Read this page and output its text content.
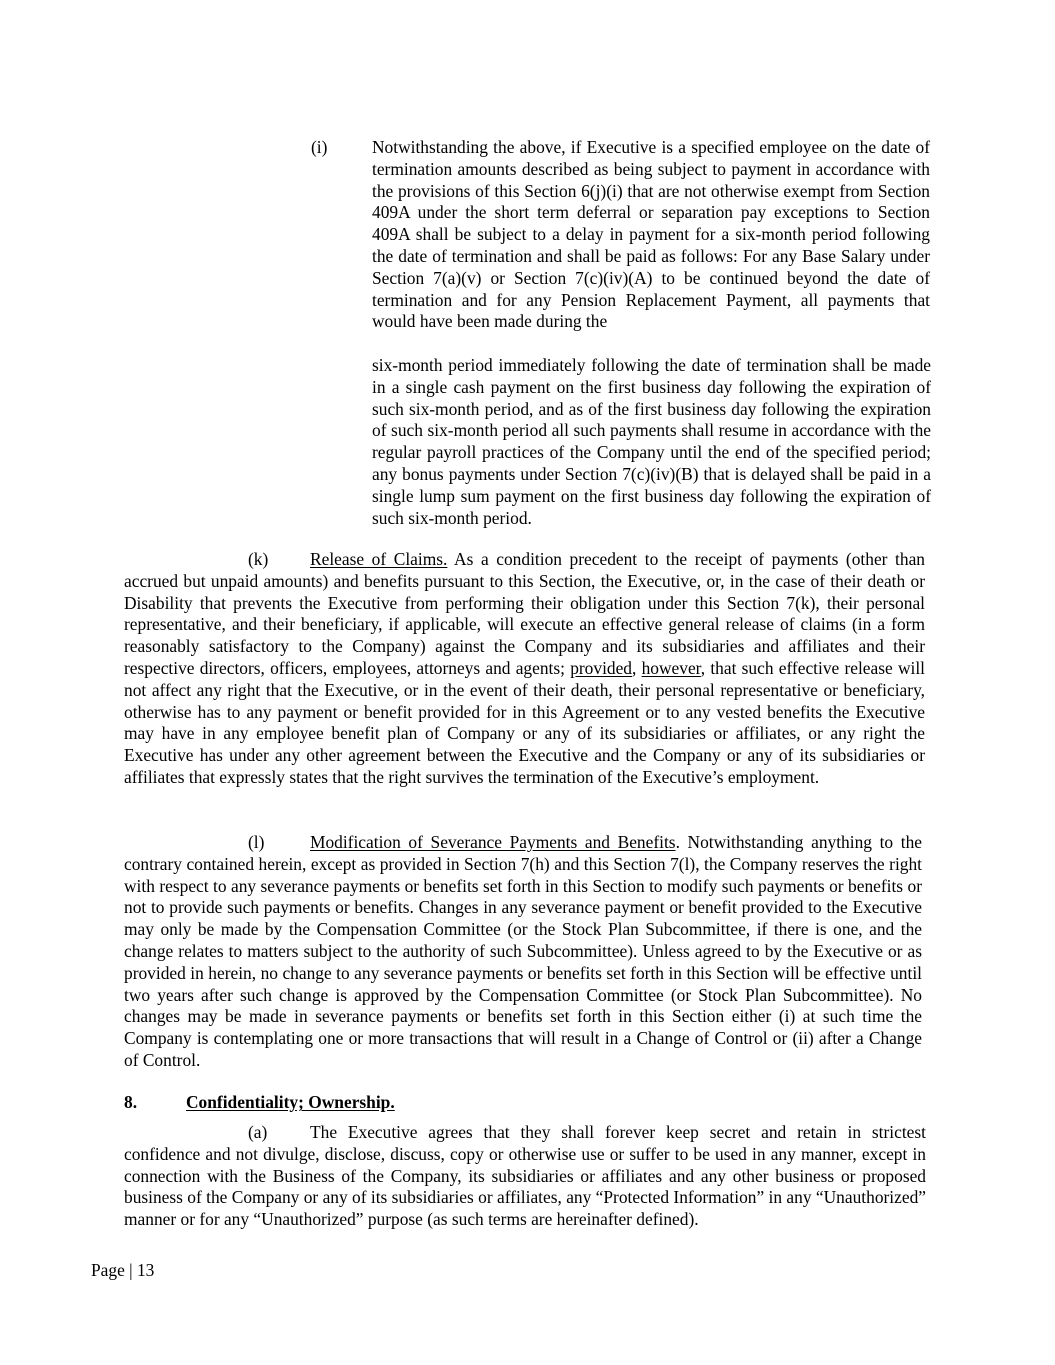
(i)	Notwithstanding the above, if Executive is a specified employee on the date of termination amounts described as being subject to payment in accordance with the provisions of this Section 6(j)(i) that are not otherwise exempt from Section 409A under the short term deferral or separation pay exceptions to Section 409A shall be subject to a delay in payment for a six-month period following the date of termination and shall be paid as follows: For any Base Salary under Section 7(a)(v) or Section 7(c)(iv)(A) to be continued beyond the date of termination and for any Pension Replacement Payment, all payments that would have been made during the

six-month period immediately following the date of termination shall be made in a single cash payment on the first business day following the expiration of such six-month period, and as of the first business day following the expiration of such six-month period all such payments shall resume in accordance with the regular payroll practices of the Company until the end of the specified period; any bonus payments under Section 7(c)(iv)(B) that is delayed shall be paid in a single lump sum payment on the first business day following the expiration of such six-month period.

(k) Release of Claims. As a condition precedent to the receipt of payments (other than accrued but unpaid amounts) and benefits pursuant to this Section, the Executive, or, in the case of their death or Disability that prevents the Executive from performing their obligation under this Section 7(k), their personal representative, and their beneficiary, if applicable, will execute an effective general release of claims (in a form reasonably satisfactory to the Company) against the Company and its subsidiaries and affiliates and their respective directors, officers, employees, attorneys and agents; provided, however, that such effective release will not affect any right that the Executive, or in the event of their death, their personal representative or beneficiary, otherwise has to any payment or benefit provided for in this Agreement or to any vested benefits the Executive may have in any employee benefit plan of Company or any of its subsidiaries or affiliates, or any right the Executive has under any other agreement between the Executive and the Company or any of its subsidiaries or affiliates that expressly states that the right survives the termination of the Executive’s employment.

(l)	Modification of Severance Payments and Benefits. Notwithstanding anything to the contrary contained herein, except as provided in Section 7(h) and this Section 7(l), the Company reserves the right with respect to any severance payments or benefits set forth in this Section to modify such payments or benefits or not to provide such payments or benefits. Changes in any severance payment or benefit provided to the Executive may only be made by the Compensation Committee (or the Stock Plan Subcommittee, if there is one, and the change relates to matters subject to the authority of such Subcommittee). Unless agreed to by the Executive or as provided in herein, no change to any severance payments or benefits set forth in this Section will be effective until two years after such change is approved by the Compensation Committee (or Stock Plan Subcommittee). No changes may be made in severance payments or benefits set forth in this Section either (i) at such time the Company is contemplating one or more transactions that will result in a Change of Control or (ii) after a Change of Control.

8.	Confidentiality; Ownership.

(a) The Executive agrees that they shall forever keep secret and retain in strictest confidence and not divulge, disclose, discuss, copy or otherwise use or suffer to be used in any manner, except in connection with the Business of the Company, its subsidiaries or affiliates and any other business or proposed business of the Company or any of its subsidiaries or affiliates, any “Protected Information” in any “Unauthorized” manner or for any “Unauthorized” purpose (as such terms are hereinafter defined).

Page | 13
